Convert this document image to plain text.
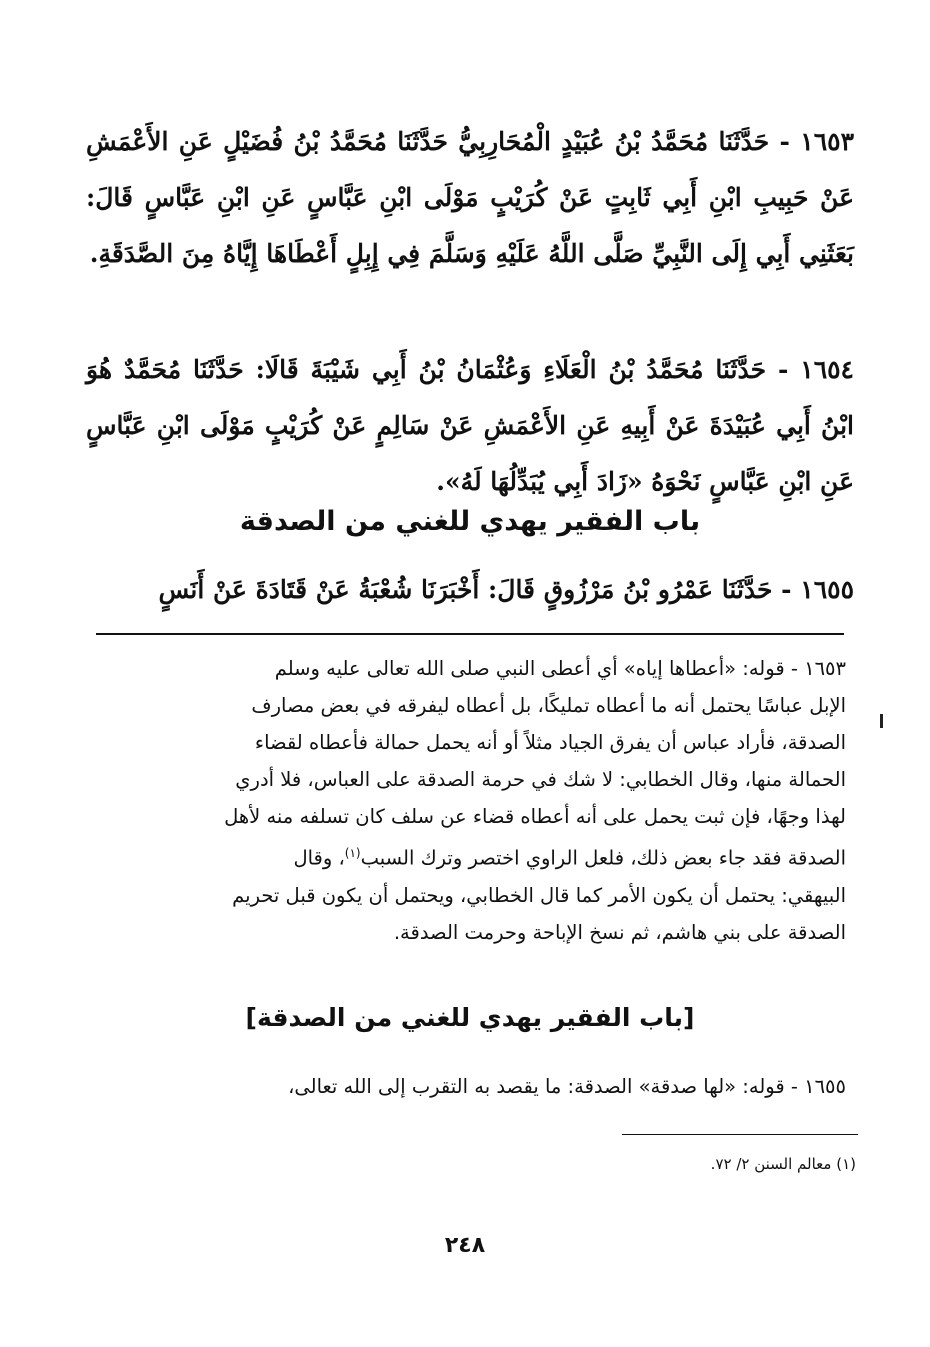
١٦٥٣ - حَدَّثَنَا مُحَمَّدُ بْنُ عُبَيْدٍ الْمُحَارِبِيُّ حَدَّثَنَا مُحَمَّدُ بْنُ فُضَيْلٍ عَنِ الأَعْمَشِ عَنْ حَبِيبِ ابْنِ أَبِي ثَابِتٍ عَنْ كُرَيْبٍ مَوْلَى ابْنِ عَبَّاسٍ عَنِ ابْنِ عَبَّاسٍ قَالَ: بَعَثَنِي أَبِي إِلَى النَّبِيِّ صَلَّى اللَّهُ عَلَيْهِ وَسَلَّمَ فِي إِبِلٍ أَعْطَاهَا إِيَّاهُ مِنَ الصَّدَقَةِ.

١٦٥٤ - حَدَّثَنَا مُحَمَّدُ بْنُ الْعَلَاءِ وَعُثْمَانُ بْنُ أَبِي شَيْبَةَ قَالَا: حَدَّثَنَا مُحَمَّدٌ هُوَ ابْنُ أَبِي عُبَيْدَةَ عَنْ أَبِيهِ عَنِ الأَعْمَشِ عَنْ سَالِمٍ عَنْ كُرَيْبٍ مَوْلَى ابْنِ عَبَّاسٍ عَنِ ابْنِ عَبَّاسٍ نَحْوَهُ «زَادَ أَبِي يُبَدِّلُهَا لَهُ».

باب الفقير يهدي للغني من الصدقة

١٦٥٥ - حَدَّثَنَا عَمْرُو بْنُ مَرْزُوقٍ قَالَ: أَخْبَرَنَا شُعْبَةُ عَنْ قَتَادَةَ عَنْ أَنَسٍ

١٦٥٣ - قوله: «أعطاها إياه» أي أعطى النبي صلى الله تعالى عليه وسلم

الإبل عباسًا يحتمل أنه ما أعطاه تمليكًا، بل أعطاه ليفرقه في بعض مصارف

الصدقة، فأراد عباس أن يفرق الجياد مثلاً أو أنه يحمل حمالة فأعطاه لقضاء

الحمالة منها، وقال الخطابي: لا شك في حرمة الصدقة على العباس، فلا أدري

لهذا وجهًا، فإن ثبت يحمل على أنه أعطاه قضاء عن سلف كان تسلفه منه لأهل

الصدقة فقد جاء بعض ذلك، فلعل الراوي اختصر وترك السبب$^{(١)}$، وقال

البيهقي: يحتمل أن يكون الأمر كما قال الخطابي، ويحتمل أن يكون قبل تحريم

الصدقة على بني هاشم، ثم نسخ الإباحة وحرمت الصدقة.

[باب الفقير يهدي للغني من الصدقة]
١٦٥٥ - قوله: «لها صدقة» الصدقة: ما يقصد به التقرب إلى الله تعالى،
(١) معالم السنن ٢/ ٧٢.
٢٤٨
